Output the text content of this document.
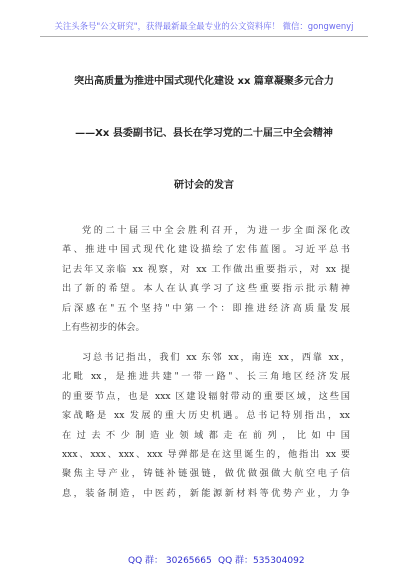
关注头条号"公文研究"，获得最新最全最专业的公文资料库！ 微信：gongwenyj
突出高质量为推进中国式现代化建设 xx 篇章凝聚多元合力
——Xx 县委副书记、县长在学习党的二十届三中全会精神
研讨会的发言
党的二十届三中全会胜利召开，为进一步全面深化改
革、推进中国式现代化建设描绘了宏伟蓝图。习近平总书
记去年又亲临 xx 视察，对 xx 工作做出重要指示，对 xx 提
出了新的希望。本人在认真学习了这些重要指示批示精神
后深感在"五个坚持"中第一个：即推进经济高质量发展
上有些初步的体会。
习总书记指出，我们 xx 东邻 xx，南连 xx，西靠 xx，
北毗 xx，是推进共建"一带一路"、长三角地区经济发展
的重要节点，也是 xxx 区建设辐射带动的重要区域，这些国
家战略是 xx 发展的重大历史机遇。总书记特别指出，xx
在过去不少制造业领域都走在前列，比如中国
xxx、xxx、xxx、xxx 导弹都是在这里诞生的，他指出 xx 要
聚焦主导产业，铸链补链强链，做优做强做大航空电子信
息，装备制造，中医药，新能源新材料等优势产业，力争
QQ 群： 30265665 QQ 群：535304092
